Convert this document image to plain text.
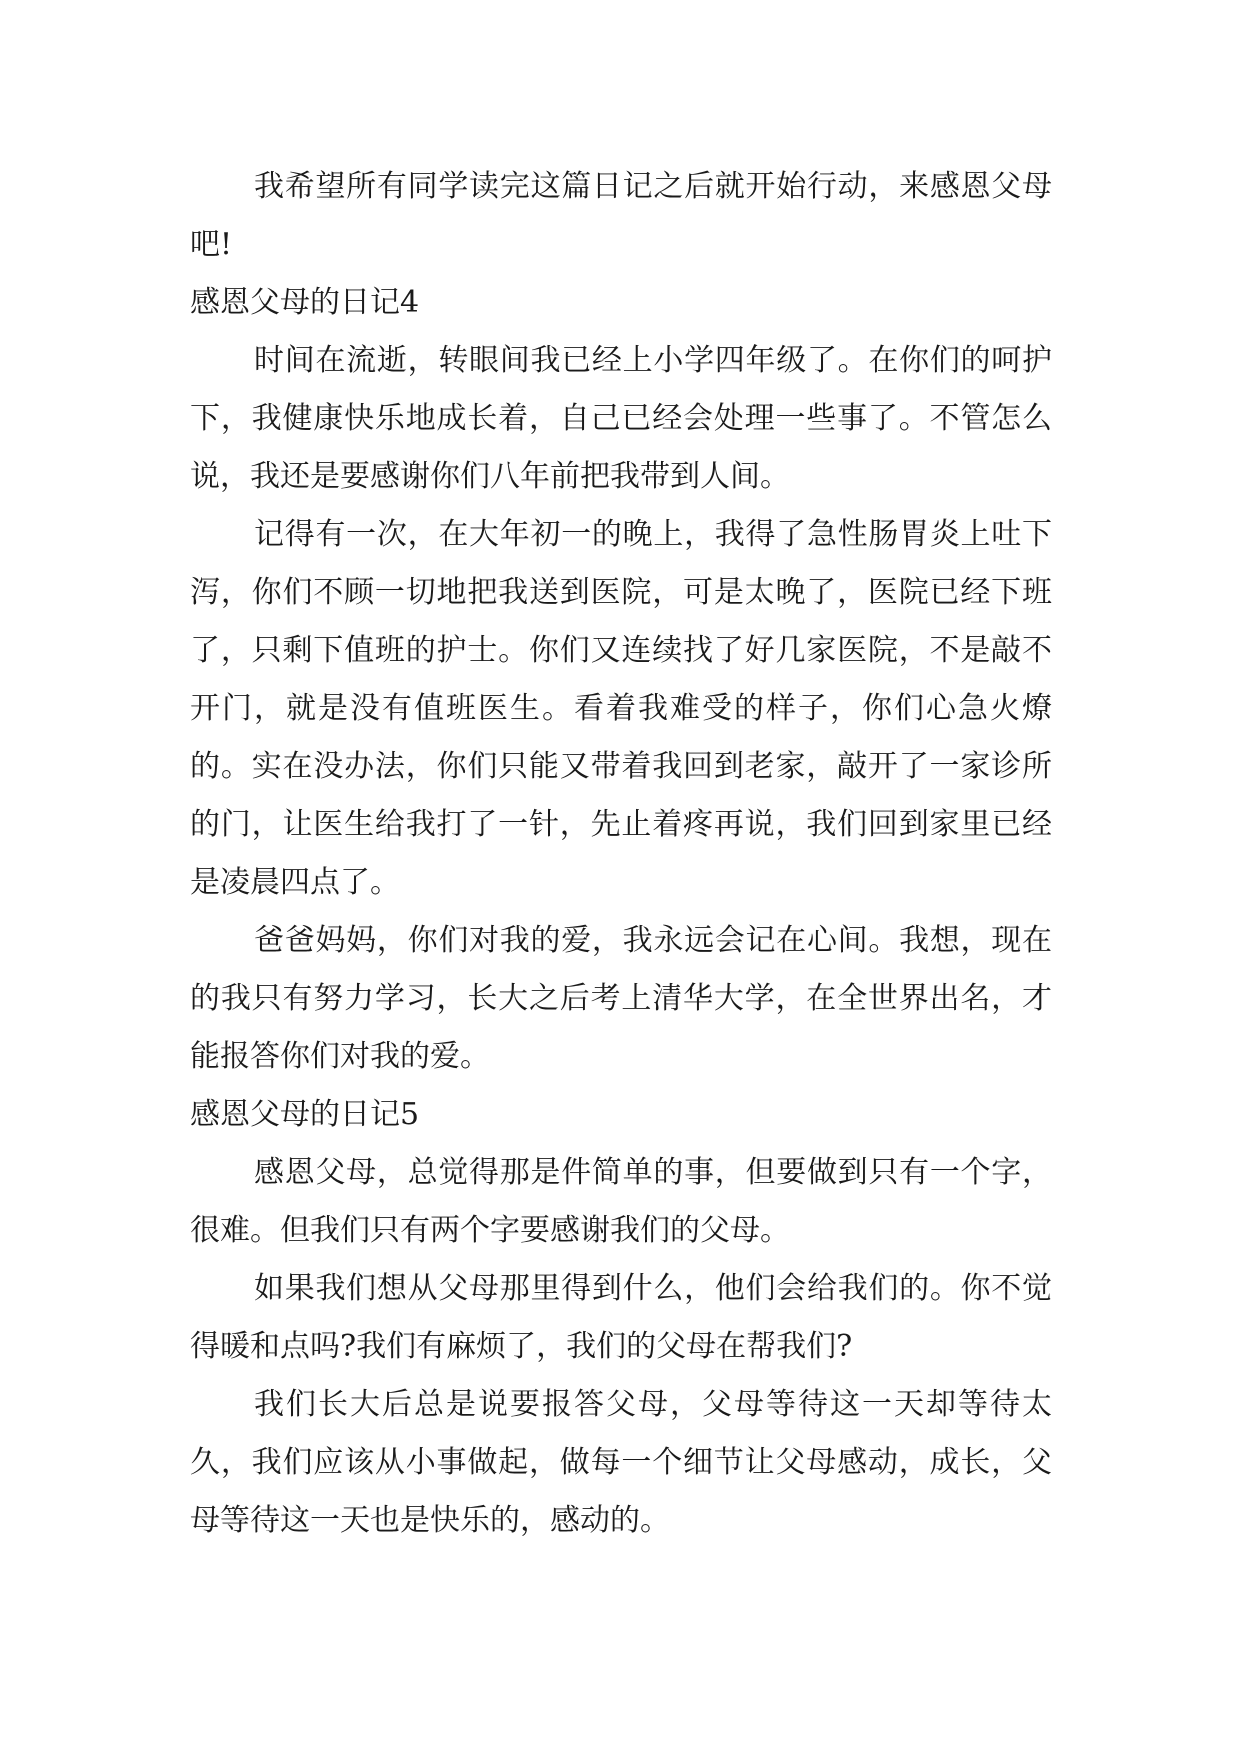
我希望所有同学读完这篇日记之后就开始行动，来感恩父母吧!

感恩父母的日记4

时间在流逝，转眼间我已经上小学四年级了。在你们的呵护下，我健康快乐地成长着，自己已经会处理一些事了。不管怎么说，我还是要感谢你们八年前把我带到人间。

记得有一次，在大年初一的晚上，我得了急性肠胃炎上吐下泻，你们不顾一切地把我送到医院，可是太晚了，医院已经下班了，只剩下值班的护士。你们又连续找了好几家医院，不是敲不开门，就是没有值班医生。看着我难受的样子，你们心急火燎的。实在没办法，你们只能又带着我回到老家，敲开了一家诊所的门，让医生给我打了一针，先止着疼再说，我们回到家里已经是凌晨四点了。

爸爸妈妈，你们对我的爱，我永远会记在心间。我想，现在的我只有努力学习，长大之后考上清华大学，在全世界出名，才能报答你们对我的爱。

感恩父母的日记5

感恩父母，总觉得那是件简单的事，但要做到只有一个字，很难。但我们只有两个字要感谢我们的父母。

如果我们想从父母那里得到什么，他们会给我们的。你不觉得暖和点吗?我们有麻烦了，我们的父母在帮我们?

我们长大后总是说要报答父母，父母等待这一天却等待太久，我们应该从小事做起，做每一个细节让父母感动，成长，父母等待这一天也是快乐的，感动的。
